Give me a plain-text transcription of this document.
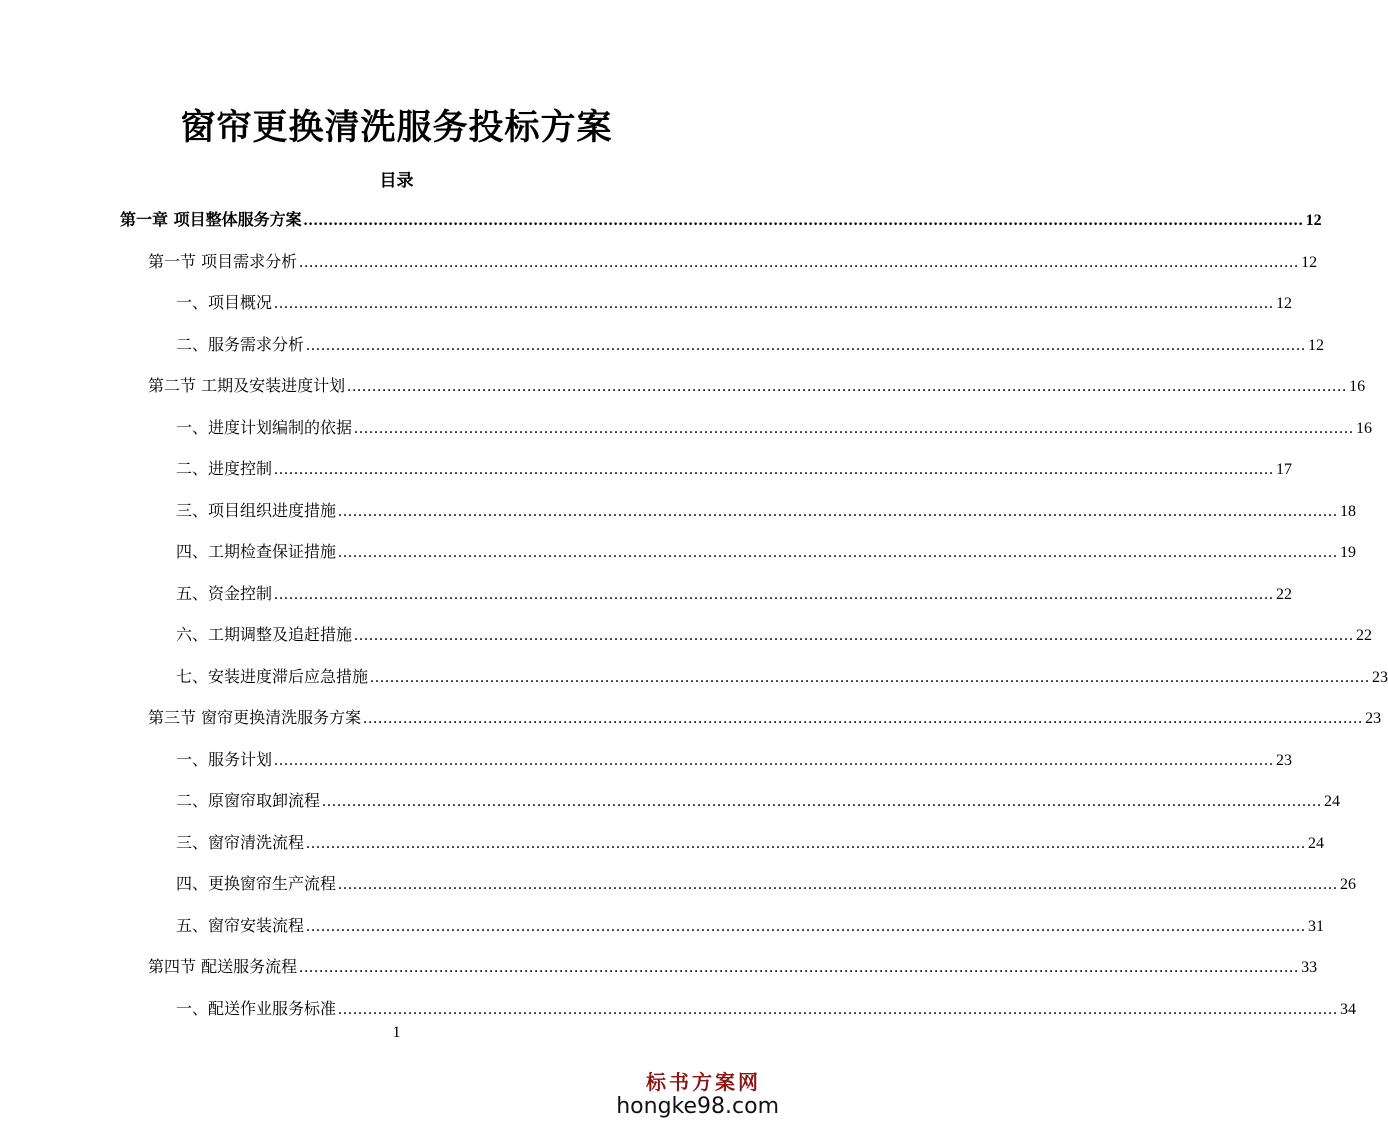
窗帘更换清洗服务投标方案
目录
第一章 项目整体服务方案 ........................................................................................................................................................................................................ 12
第一节 项目需求分析 ........................................................................................................................................................................................................ 12
一、项目概况 ........................................................................................................................................................................................................ 12
二、服务需求分析 ........................................................................................................................................................................................................ 12
第二节 工期及安装进度计划 ........................................................................................................................................................................................................ 16
一、进度计划编制的依据 ........................................................................................................................................................................................................ 16
二、进度控制 ........................................................................................................................................................................................................ 17
三、项目组织进度措施 ........................................................................................................................................................................................................ 18
四、工期检查保证措施 ........................................................................................................................................................................................................ 19
五、资金控制 ........................................................................................................................................................................................................ 22
六、工期调整及追赶措施 ........................................................................................................................................................................................................ 22
七、安装进度滞后应急措施 ........................................................................................................................................................................................................ 23
第三节 窗帘更换清洗服务方案 ........................................................................................................................................................................................................ 23
一、服务计划 ........................................................................................................................................................................................................ 23
二、原窗帘取卸流程 ........................................................................................................................................................................................................ 24
三、窗帘清洗流程 ........................................................................................................................................................................................................ 24
四、更换窗帘生产流程 ........................................................................................................................................................................................................ 26
五、窗帘安装流程 ........................................................................................................................................................................................................ 31
第四节 配送服务流程 ........................................................................................................................................................................................................ 33
一、配送作业服务标准 ........................................................................................................................................................................................................ 34
1
标书方案网
hongke98.com
